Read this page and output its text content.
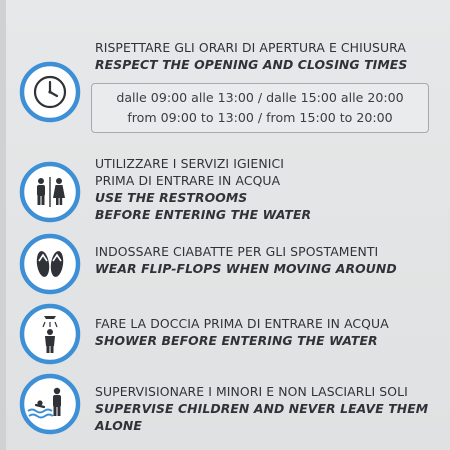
RISPETTARE GLI ORARI DI APERTURA E CHIUSURA
RESPECT THE OPENING AND CLOSING TIMES
dalle 09:00 alle 13:00 / dalle 15:00 alle 20:00
from 09:00 to 13:00 / from 15:00 to 20:00
UTILIZZARE I SERVIZI IGIENICI
PRIMA DI ENTRARE IN ACQUA
USE THE RESTROOMS
BEFORE ENTERING THE WATER
INDOSSARE CIABATTE PER GLI SPOSTAMENTI
WEAR FLIP-FLOPS WHEN MOVING AROUND
FARE LA DOCCIA PRIMA DI ENTRARE IN ACQUA
SHOWER BEFORE ENTERING THE WATER
SUPERVISIONARE I MINORI E NON LASCIARLI SOLI
SUPERVISE CHILDREN AND NEVER LEAVE THEM
ALONE
